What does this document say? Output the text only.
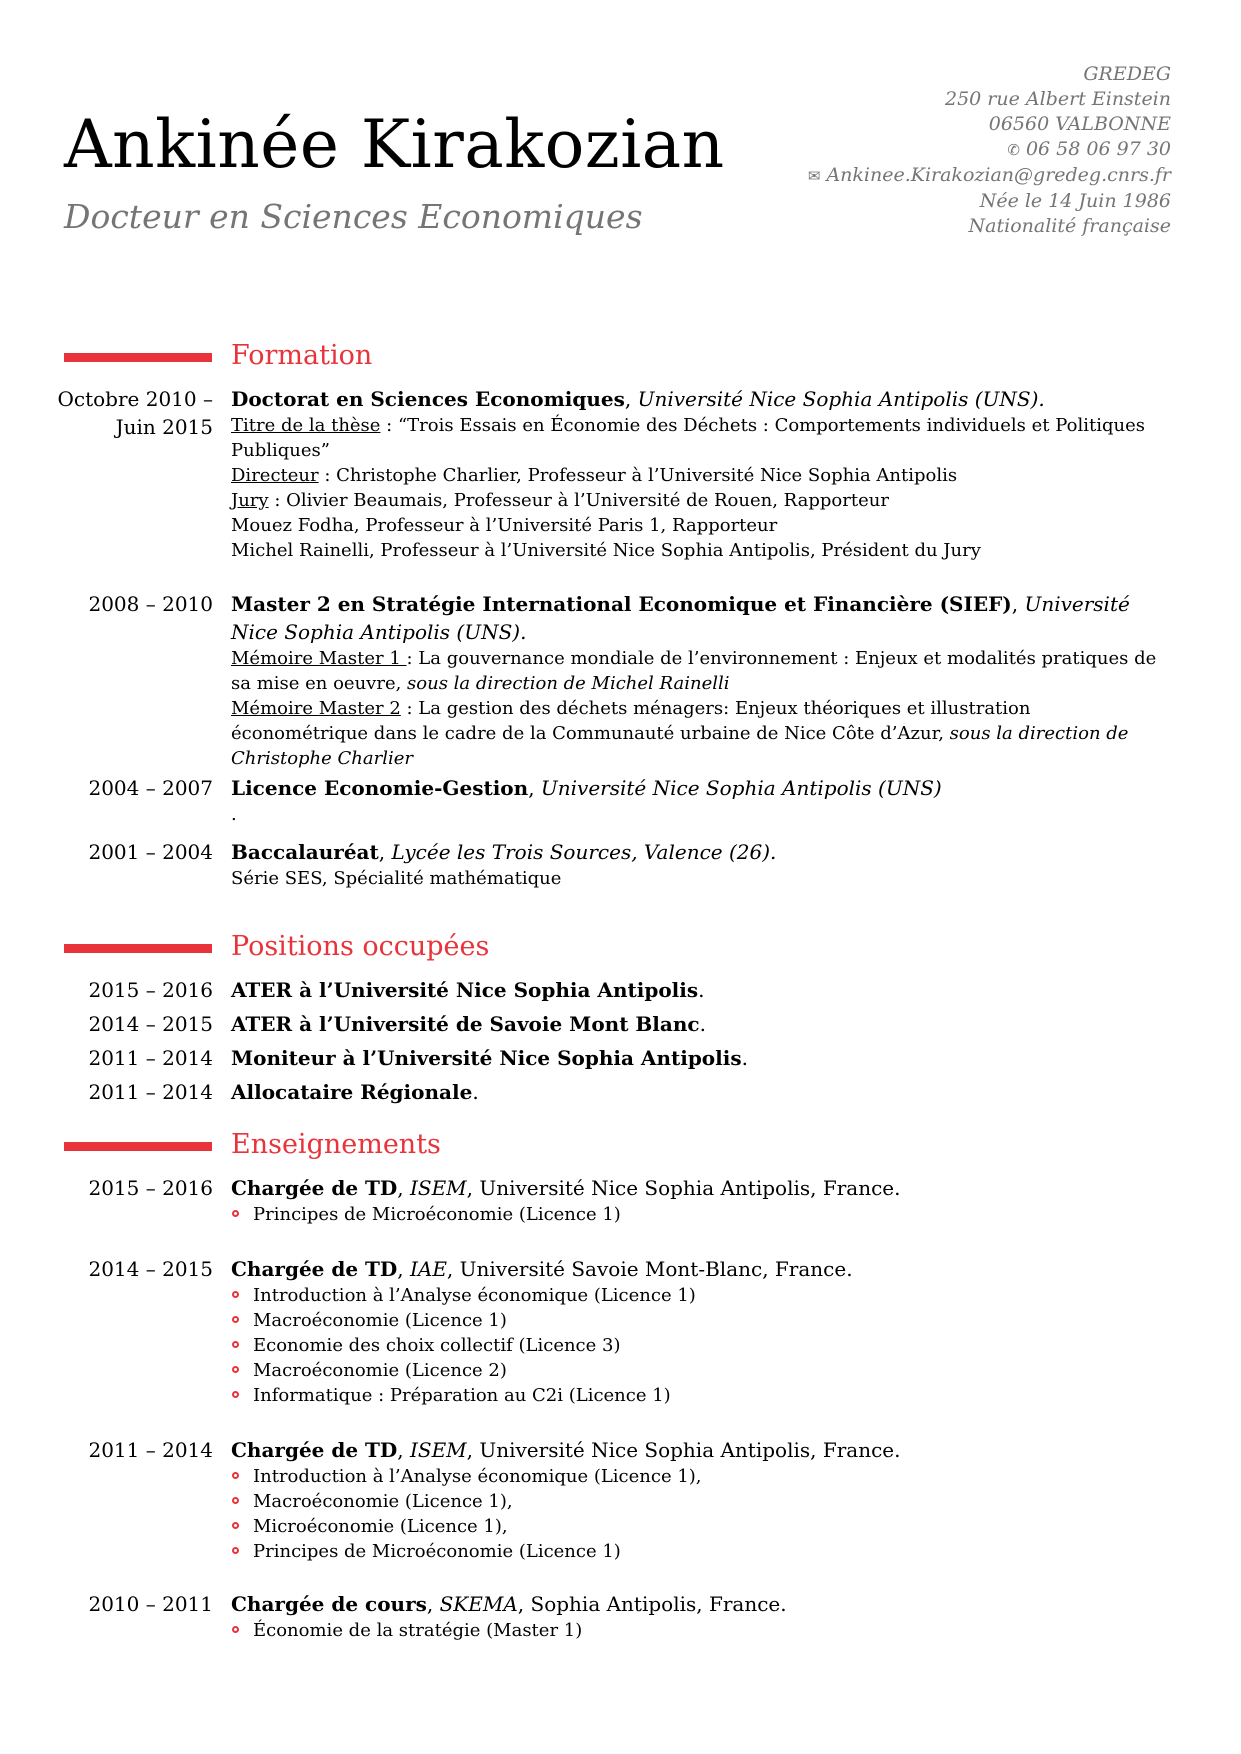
Ankinée Kirakozian
Docteur en Sciences Economiques
GREDEG
250 rue Albert Einstein
06560 VALBONNE
✆ 06 58 06 97 30
✉ Ankinee.Kirakozian@gredeg.cnrs.fr
Née le 14 Juin 1986
Nationalité française
Formation
Octobre 2010 –
Juin 2015
Doctorat en Sciences Economiques, Université Nice Sophia Antipolis (UNS).
Titre de la thèse : “Trois Essais en Économie des Déchets : Comportements individuels et Politiques Publiques”
Directeur : Christophe Charlier, Professeur à l’Université Nice Sophia Antipolis
Jury : Olivier Beaumais, Professeur à l’Université de Rouen, Rapporteur
Mouez Fodha, Professeur à l’Université Paris 1, Rapporteur
Michel Rainelli, Professeur à l’Université Nice Sophia Antipolis, Président du Jury
2008 – 2010 Master 2 en Stratégie International Economique et Financière (SIEF), Université Nice Sophia Antipolis (UNS).
Mémoire Master 1 : La gouvernance mondiale de l’environnement : Enjeux et modalités pratiques de sa mise en oeuvre, sous la direction de Michel Rainelli
Mémoire Master 2 : La gestion des déchets ménagers: Enjeux théoriques et illustration économétrique dans le cadre de la Communauté urbaine de Nice Côte d’Azur, sous la direction de Christophe Charlier
2004 – 2007 Licence Economie-Gestion, Université Nice Sophia Antipolis (UNS)
.
2001 – 2004 Baccalauréat, Lycée les Trois Sources, Valence (26).
Série SES, Spécialité mathématique
Positions occupées
2015 – 2016 ATER à l’Université Nice Sophia Antipolis.
2014 – 2015 ATER à l’Université de Savoie Mont Blanc.
2011 – 2014 Moniteur à l’Université Nice Sophia Antipolis.
2011 – 2014 Allocataire Régionale.
Enseignements
2015 – 2016 Chargée de TD, ISEM, Université Nice Sophia Antipolis, France.
Principes de Microéconomie (Licence 1)
2014 – 2015 Chargée de TD, IAE, Université Savoie Mont-Blanc, France.
Introduction à l’Analyse économique (Licence 1)
Macroéconomie (Licence 1)
Economie des choix collectif (Licence 3)
Macroéconomie (Licence 2)
Informatique : Préparation au C2i (Licence 1)
2011 – 2014 Chargée de TD, ISEM, Université Nice Sophia Antipolis, France.
Introduction à l’Analyse économique (Licence 1),
Macroéconomie (Licence 1),
Microéconomie (Licence 1),
Principes de Microéconomie (Licence 1)
2010 – 2011 Chargée de cours, SKEMA, Sophia Antipolis, France.
Économie de la stratégie (Master 1)
